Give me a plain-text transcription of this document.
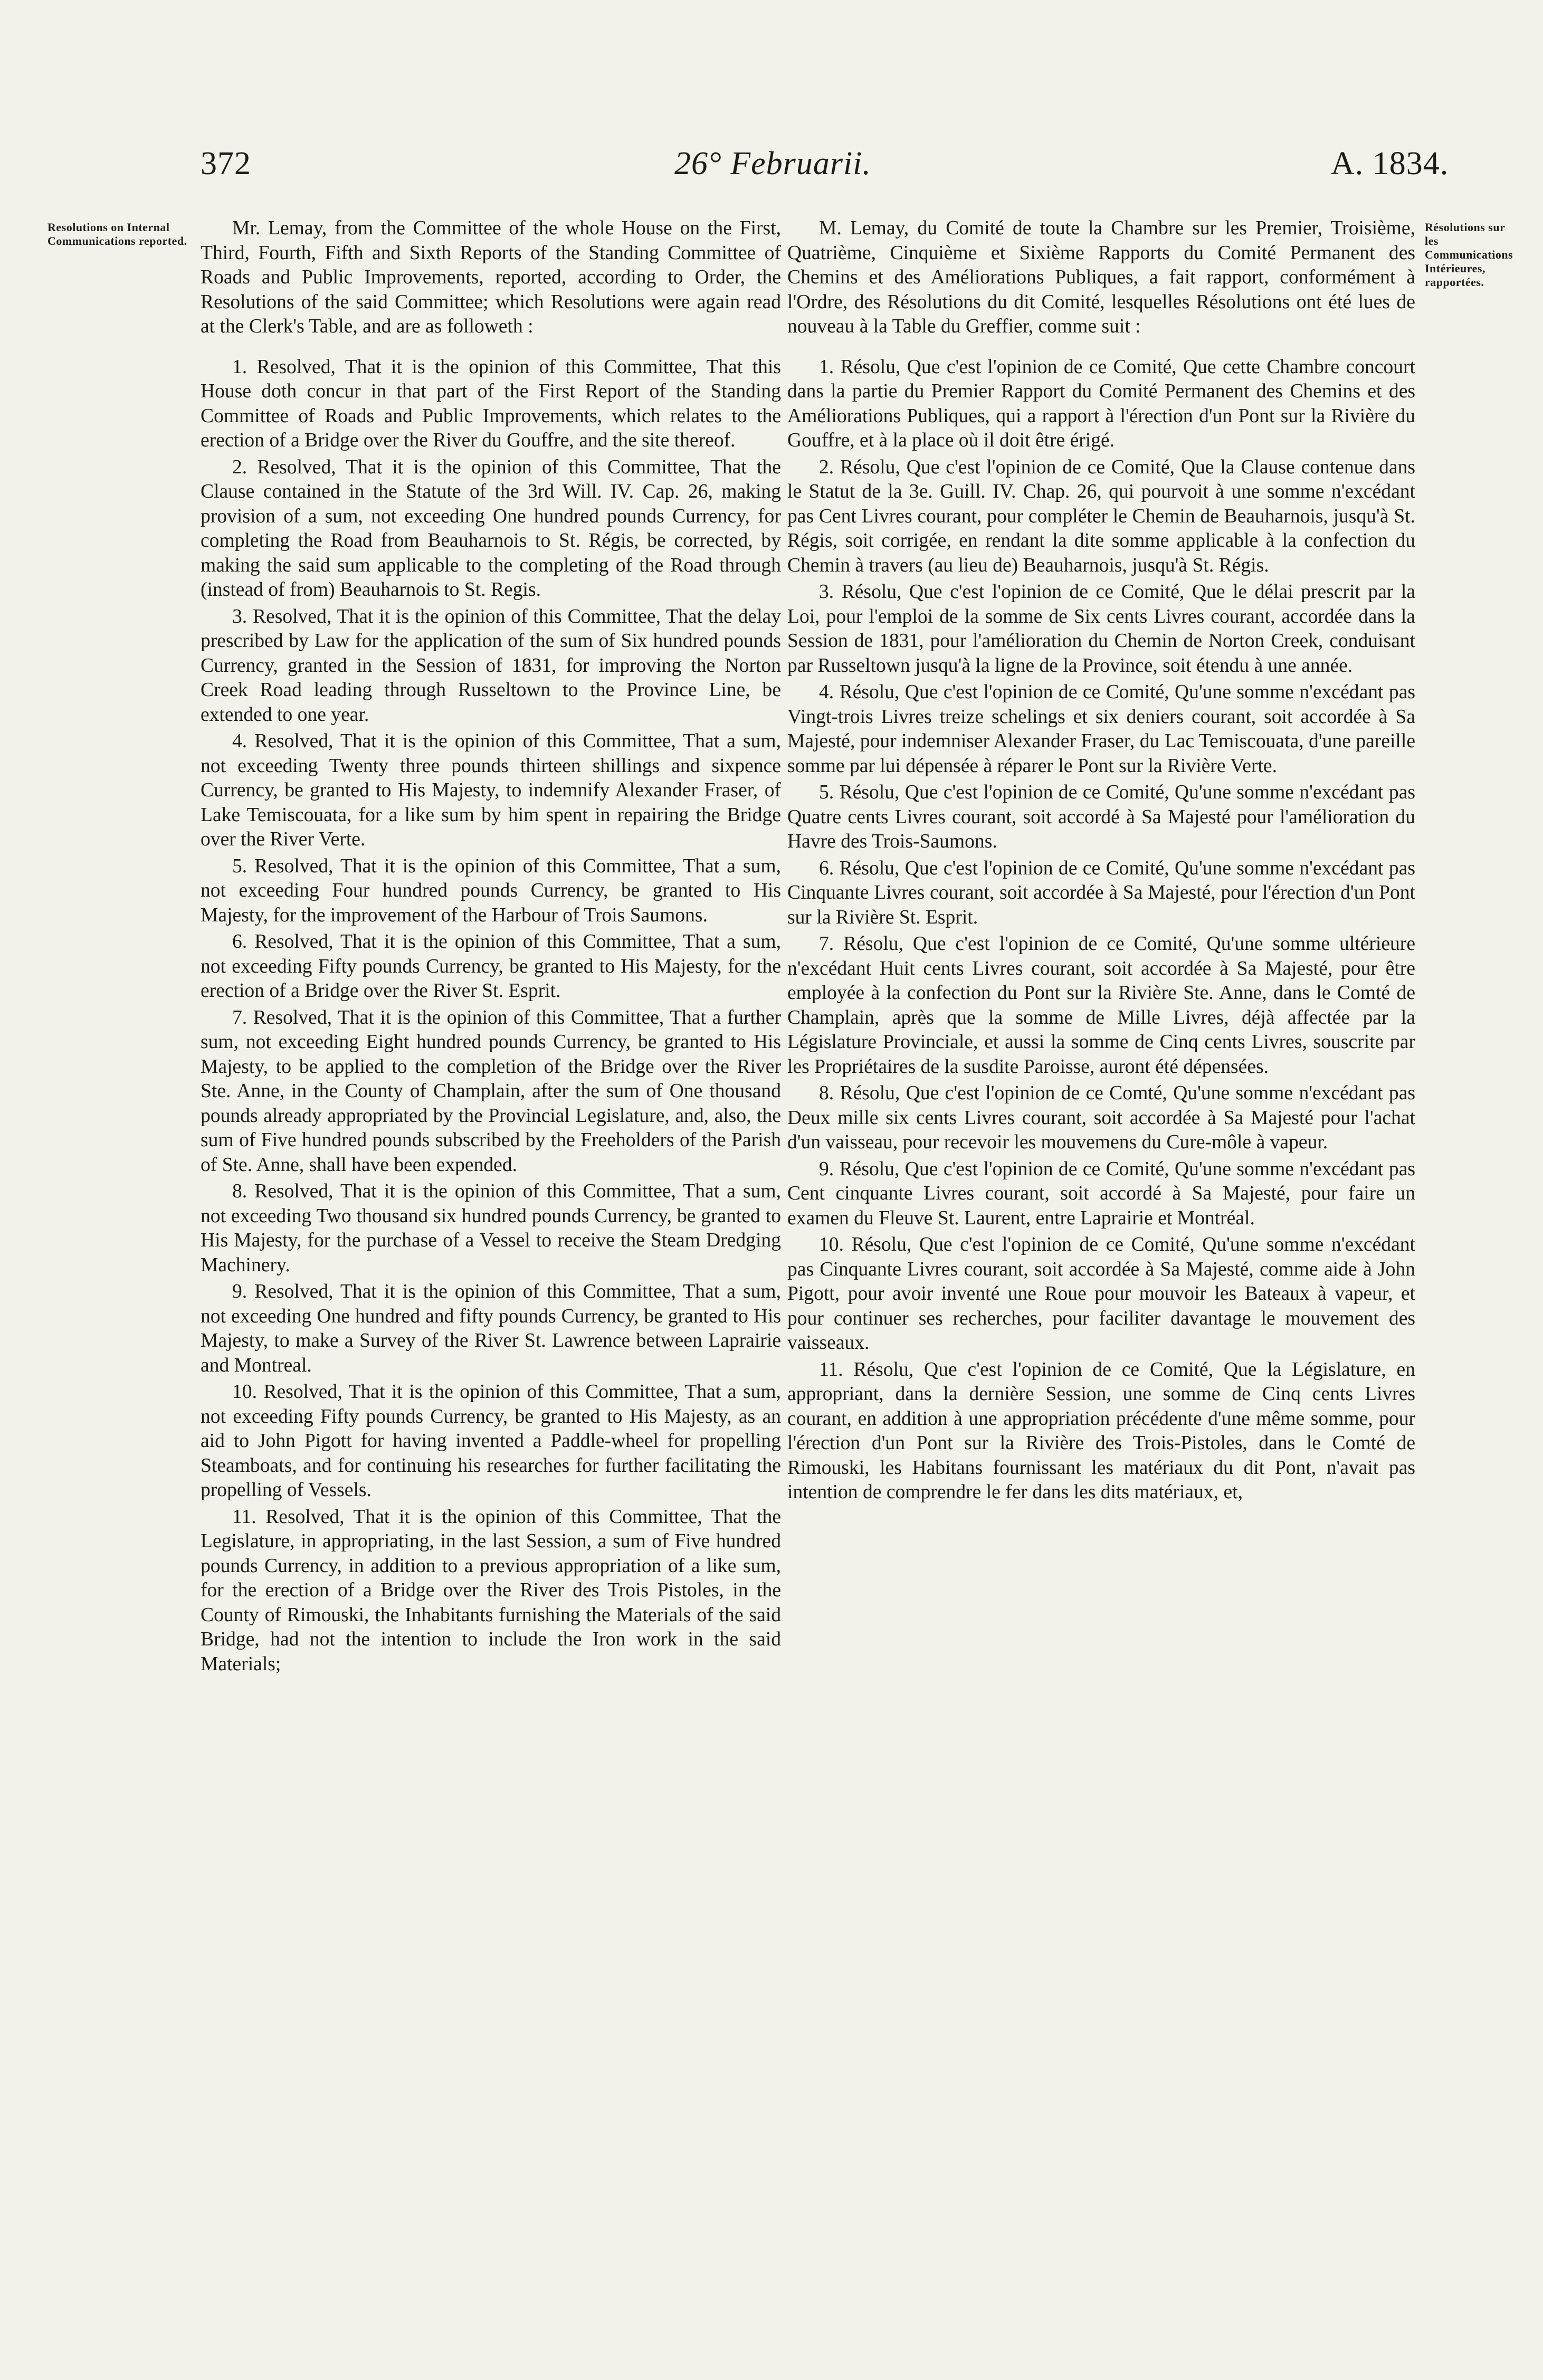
372	26° Februarii.	A. 1834.
Resolutions on Internal Communications reported.
Résolutions sur les Communications Intérieures, rapportées.

Mr. Lemay, from the Committee of the whole House on the First, Third, Fourth, Fifth and Sixth Reports of the Standing Committee of Roads and Public Improvements, reported, according to Order, the Resolutions of the said Committee; which Resolutions were again read at the Clerk's Table, and are as followeth :

1. Resolved, That it is the opinion of this Committee, That this House doth concur in that part of the First Report of the Standing Committee of Roads and Public Improvements, which relates to the erection of a Bridge over the River du Gouffre, and the site thereof.

2. Resolved, That it is the opinion of this Committee, That the Clause contained in the Statute of the 3rd Will. IV. Cap. 26, making provision of a sum, not exceeding One hundred pounds Currency, for completing the Road from Beauharnois to St. Régis, be corrected, by making the said sum applicable to the completing of the Road through (instead of from) Beauharnois to St. Regis.

3. Resolved, That it is the opinion of this Committee, That the delay prescribed by Law for the application of the sum of Six hundred pounds Currency, granted in the Session of 1831, for improving the Norton Creek Road leading through Russeltown to the Province Line, be extended to one year.

4. Resolved, That it is the opinion of this Committee, That a sum, not exceeding Twenty three pounds thirteen shillings and sixpence Currency, be granted to His Majesty, to indemnify Alexander Fraser, of Lake Temiscouata, for a like sum by him spent in repairing the Bridge over the River Verte.

5. Resolved, That it is the opinion of this Committee, That a sum, not exceeding Four hundred pounds Currency, be granted to His Majesty, for the improvement of the Harbour of Trois Saumons.

6. Resolved, That it is the opinion of this Committee, That a sum, not exceeding Fifty pounds Currency, be granted to His Majesty, for the erection of a Bridge over the River St. Esprit.

7. Resolved, That it is the opinion of this Committee, That a further sum, not exceeding Eight hundred pounds Currency, be granted to His Majesty, to be applied to the completion of the Bridge over the River Ste. Anne, in the County of Champlain, after the sum of One thousand pounds already appropriated by the Provincial Legislature, and, also, the sum of Five hundred pounds subscribed by the Freeholders of the Parish of Ste. Anne, shall have been expended.

8. Resolved, That it is the opinion of this Committee, That a sum, not exceeding Two thousand six hundred pounds Currency, be granted to His Majesty, for the purchase of a Vessel to receive the Steam Dredging Machinery.

9. Resolved, That it is the opinion of this Committee, That a sum, not exceeding One hundred and fifty pounds Currency, be granted to His Majesty, to make a Survey of the River St. Lawrence between Laprairie and Montreal.

10. Resolved, That it is the opinion of this Committee, That a sum, not exceeding Fifty pounds Currency, be granted to His Majesty, as an aid to John Pigott for having invented a Paddle-wheel for propelling Steamboats, and for continuing his researches for further facilitating the propelling of Vessels.

11. Resolved, That it is the opinion of this Committee, That the Legislature, in appropriating, in the last Session, a sum of Five hundred pounds Currency, in addition to a previous appropriation of a like sum, for the erection of a Bridge over the River des Trois Pistoles, in the County of Rimouski, the Inhabitants furnishing the Materials of the said Bridge, had not the intention to include the Iron work in the said Materials;

M. Lemay, du Comité de toute la Chambre sur les Premier, Troisième, Quatrième, Cinquième et Sixième Rapports du Comité Permanent des Chemins et des Améliorations Publiques, a fait rapport, conformément à l'Ordre, des Résolutions du dit Comité, lesquelles Résolutions ont été lues de nouveau à la Table du Greffier, comme suit :

1. Résolu, Que c'est l'opinion de ce Comité, Que cette Chambre concourt dans la partie du Premier Rapport du Comité Permanent des Chemins et des Améliorations Publiques, qui a rapport à l'érection d'un Pont sur la Rivière du Gouffre, et à la place où il doit être érigé.

2. Résolu, Que c'est l'opinion de ce Comité, Que la Clause contenue dans le Statut de la 3e. Guill. IV. Chap. 26, qui pourvoit à une somme n'excédant pas Cent Livres courant, pour compléter le Chemin de Beauharnois, jusqu'à St. Régis, soit corrigée, en rendant la dite somme applicable à la confection du Chemin à travers (au lieu de) Beauharnois, jusqu'à St. Régis.

3. Résolu, Que c'est l'opinion de ce Comité, Que le délai prescrit par la Loi, pour l'emploi de la somme de Six cents Livres courant, accordée dans la Session de 1831, pour l'amélioration du Chemin de Norton Creek, conduisant par Russeltown jusqu'à la ligne de la Province, soit étendu à une année.

4. Résolu, Que c'est l'opinion de ce Comité, Qu'une somme n'excédant pas Vingt-trois Livres treize schelings et six deniers courant, soit accordée à Sa Majesté, pour indemniser Alexander Fraser, du Lac Temiscouata, d'une pareille somme par lui dépensée à réparer le Pont sur la Rivière Verte.

5. Résolu, Que c'est l'opinion de ce Comité, Qu'une somme n'excédant pas Quatre cents Livres courant, soit accordé à Sa Majesté pour l'amélioration du Havre des Trois-Saumons.

6. Résolu, Que c'est l'opinion de ce Comité, Qu'une somme n'excédant pas Cinquante Livres courant, soit accordée à Sa Majesté, pour l'érection d'un Pont sur la Rivière St. Esprit.

7. Résolu, Que c'est l'opinion de ce Comité, Qu'une somme ultérieure n'excédant Huit cents Livres courant, soit accordée à Sa Majesté, pour être employée à la confection du Pont sur la Rivière Ste. Anne, dans le Comté de Champlain, après que la somme de Mille Livres, déjà affectée par la Législature Provinciale, et aussi la somme de Cinq cents Livres, souscrite par les Propriétaires de la susdite Paroisse, auront été dépensées.

8. Résolu, Que c'est l'opinion de ce Comté, Qu'une somme n'excédant pas Deux mille six cents Livres courant, soit accordée à Sa Majesté pour l'achat d'un vaisseau, pour recevoir les mouvemens du Cure-môle à vapeur.

9. Résolu, Que c'est l'opinion de ce Comité, Qu'une somme n'excédant pas Cent cinquante Livres courant, soit accordé à Sa Majesté, pour faire un examen du Fleuve St. Laurent, entre Laprairie et Montréal.

10. Résolu, Que c'est l'opinion de ce Comité, Qu'une somme n'excédant pas Cinquante Livres courant, soit accordée à Sa Majesté, comme aide à John Pigott, pour avoir inventé une Roue pour mouvoir les Bateaux à vapeur, et pour continuer ses recherches, pour faciliter davantage le mouvement des vaisseaux.

11. Résolu, Que c'est l'opinion de ce Comité, Que la Législature, en appropriant, dans la dernière Session, une somme de Cinq cents Livres courant, en addition à une appropriation précédente d'une même somme, pour l'érection d'un Pont sur la Rivière des Trois-Pistoles, dans le Comté de Rimouski, les Habitans fournissant les matériaux du dit Pont, n'avait pas intention de comprendre le fer dans les dits matériaux, et,
